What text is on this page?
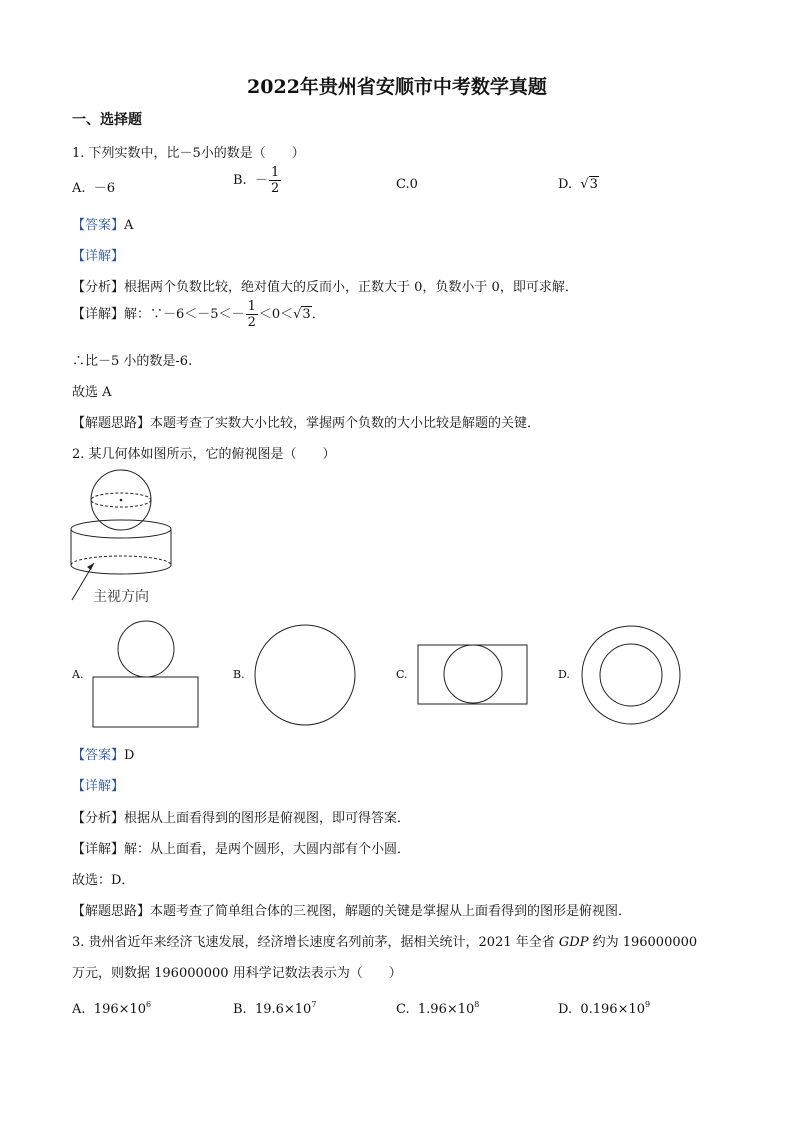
2022年贵州省安顺市中考数学真题
一、选择题
1. 下列实数中，比－5小的数是（　　）
A. －6
B. － $\frac{1}{2}$	C.0	D. √3
【答案】A
【详解】
【分析】根据两个负数比较，绝对值大的反而小，正数大于 0，负数小于 0，即可求解．
【详解】解：∵－6＜－5＜－ $\frac{1}{2} <0<√3$．
∴比－5 小的数是-6.
故选 A
【解题思路】本题考查了实数大小比较，掌握两个负数的大小比较是解题的关键．
2. 某几何体如图所示，它的俯视图是（　　）
主视方向
A.	B.	C.	D.
【答案】D
【详解】
【分析】根据从上面看得到的图形是俯视图，即可得答案．
【详解】解：从上面看，是两个圆形，大圆内部有个小圆．
故选：D．
【解题思路】本题考查了简单组合体的三视图，解题的关键是掌握从上面看得到的图形是俯视图．
3. 贵州省近年来经济飞速发展，经济增长速度名列前茅，据相关统计，2021 年全省 GDP 约为 196000000
万元，则数据 196000000 用科学记数法表示为（　　）
A. $196\times 10^6$	B. $19.6\times 10^7$	C. $1.96\times 10^8$	D. $0.196\times 10^9$
